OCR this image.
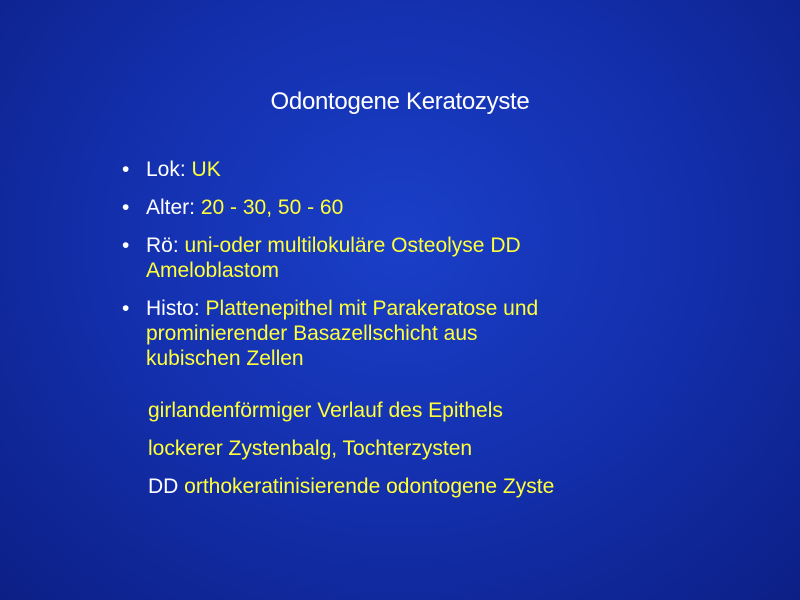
Odontogene Keratozyste
• Lok: UK
• Alter: 20 - 30, 50 - 60
• Rö: uni-oder multilokuläre Osteolyse DD
Ameloblastom
• Histo: Plattenepithel mit Parakeratose und
prominierender Basazellschicht aus
kubischen Zellen
girlandenförmiger Verlauf des Epithels
lockerer Zystenbalg, Tochterzysten
DD orthokeratinisierende odontogene Zyste
